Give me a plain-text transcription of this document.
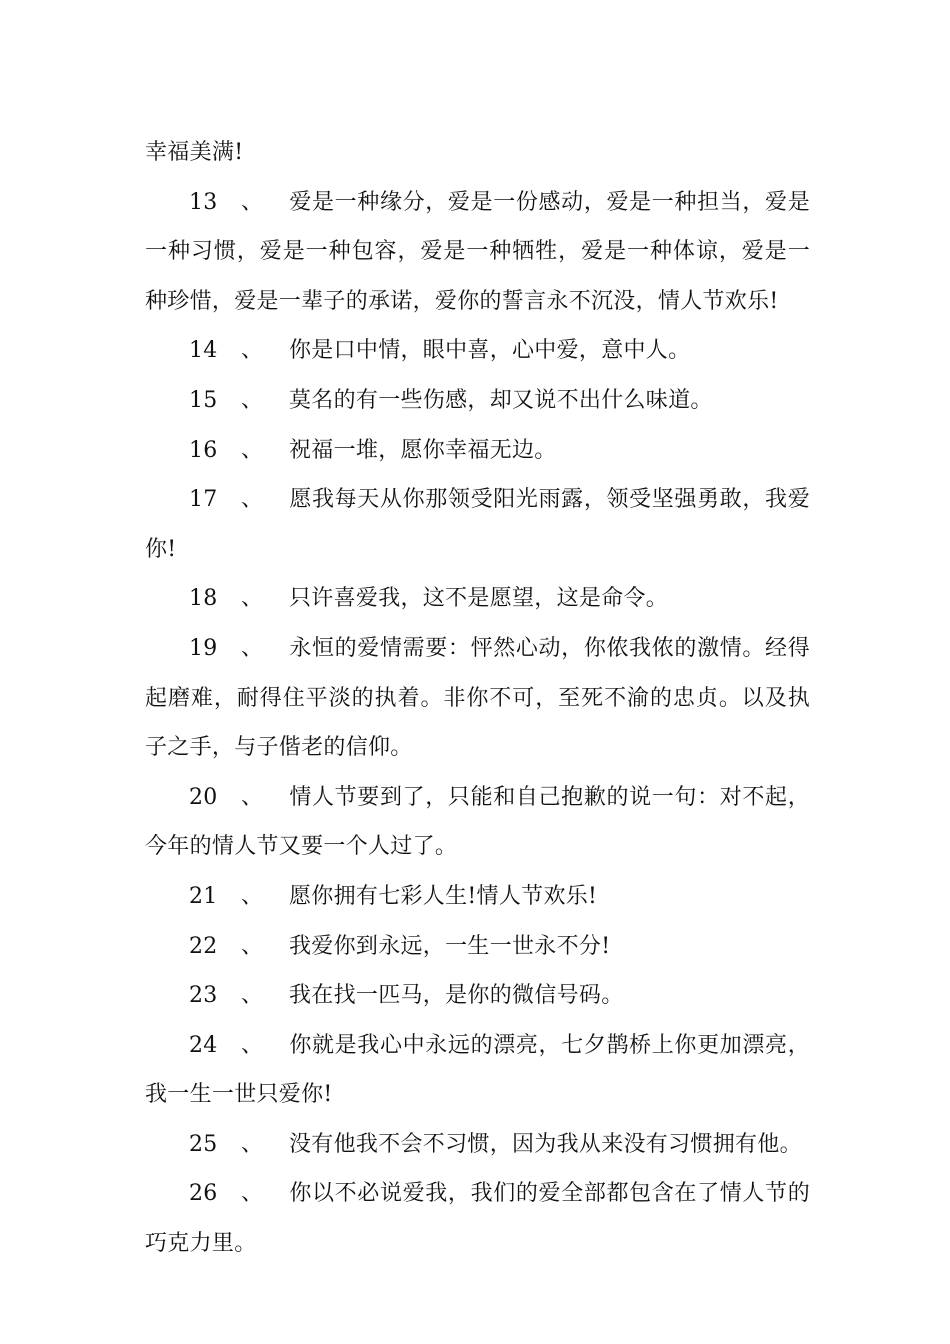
幸福美满!

13 、 爱是一种缘分，爱是一份感动，爱是一种担当，爱是一种习惯，爱是一种包容，爱是一种牺牲，爱是一种体谅，爱是一种珍惜，爱是一辈子的承诺，爱你的誓言永不沉没，情人节欢乐!

14 、 你是口中情，眼中喜，心中爱，意中人。

15 、 莫名的有一些伤感，却又说不出什么味道。

16 、 祝福一堆，愿你幸福无边。

17 、 愿我每天从你那领受阳光雨露，领受坚强勇敢，我爱你!

18 、 只许喜爱我，这不是愿望，这是命令。

19 、 永恒的爱情需要：怦然心动，你侬我侬的激情。经得起磨难，耐得住平淡的执着。非你不可，至死不渝的忠贞。以及执子之手，与子偕老的信仰。

20 、 情人节要到了，只能和自己抱歉的说一句：对不起，今年的情人节又要一个人过了。

21 、 愿你拥有七彩人生!情人节欢乐!

22 、 我爱你到永远，一生一世永不分!

23 、 我在找一匹马，是你的微信号码。

24 、 你就是我心中永远的漂亮，七夕鹊桥上你更加漂亮，我一生一世只爱你!

25 、 没有他我不会不习惯，因为我从来没有习惯拥有他。

26 、 你以不必说爱我，我们的爱全部都包含在了情人节的巧克力里。
